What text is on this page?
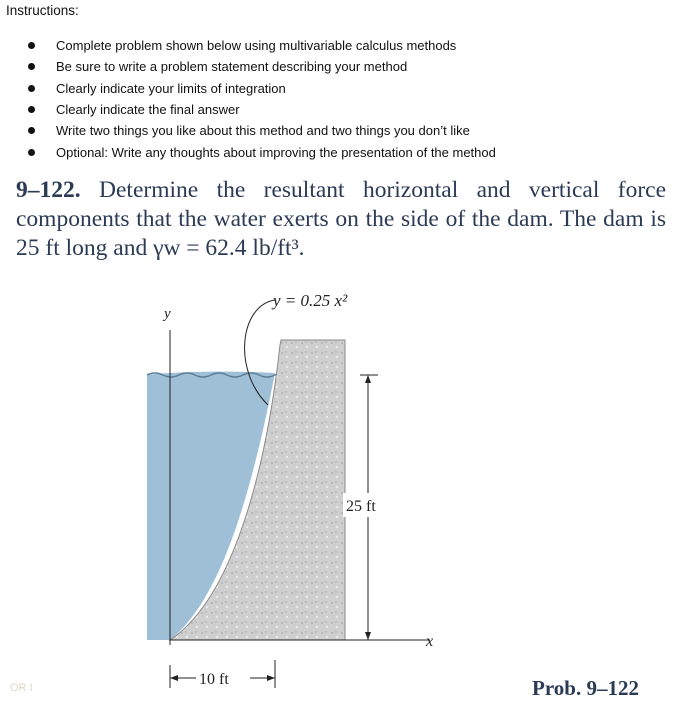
Instructions:
Complete problem shown below using multivariable calculus methods
Be sure to write a problem statement describing your method
Clearly indicate your limits of integration
Clearly indicate the final answer
Write two things you like about this method and two things you don’t like
Optional: Write any thoughts about improving the presentation of the method
9–122. Determine the resultant horizontal and vertical force components that the water exerts on the side of the dam. The dam is 25 ft long and γw = 62.4 lb/ft³.
y
x
y = 0.25 x²
25 ft
10 ft
OR I	Prob. 9–122
